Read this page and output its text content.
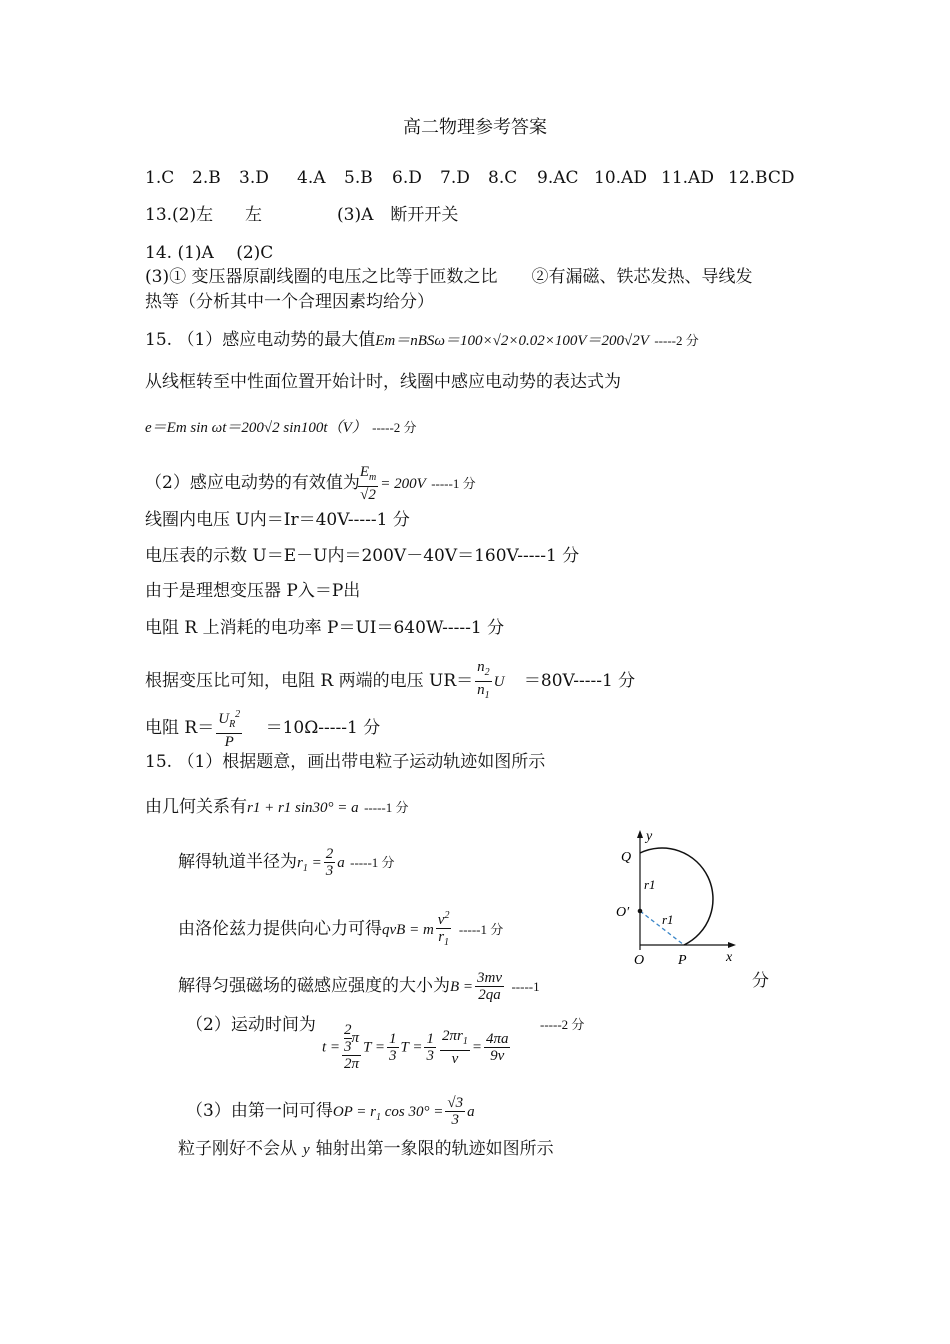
高二物理参考答案
1.C 2.B 3.D 4.A 5.B 6.D 7.D 8.C 9.AC 10.AD 11.AD 12.BCD
13.(2)左 左	(3)A　断开开关
14. (1)A　 (2)C
(3)① 变压器原副线圈的电压之比等于匝数之比　　②有漏磁、铁芯发热、导线发
热等（分析其中一个合理因素均给分）
15. （1）感应电动势的最大值Em＝nBSω＝100×√2×0.02×100V＝200√2V -----2 分
从线框转至中性面位置开始计时，线圈中感应电动势的表达式为
e＝Em sin ωt＝200√2 sin100t（V） -----2 分
（2）感应电动势的有效值为
$\frac{E_m}{√2} = 200V$ -----1 分
线圈内电压 U内＝Ir＝40V-----1 分
电压表的示数 U＝E－U内＝200V－40V＝160V-----1 分
由于是理想变压器 P入＝P出
电阻 R 上消耗的电功率 P＝UI＝640W-----1 分
根据变压比可知，电阻 R 两端的电压 $UR= \frac{n_2}{n_1}$ U ＝80V-----1 分
电阻 $R= \frac{U_R^2}{P} =10\Omega-----1$ 分
15. （1）根据题意，画出带电粒子运动轨迹如图所示
由几何关系有r1 + r1 sin30° = a -----1 分
解得轨道半径为$r_1 = \frac{2}{3}$ a -----1 分
由洛伦兹力提供向心力可得qvB = m $\frac{v^2}{r_1} -----1$ 分
解得匀强磁场的磁感应强度的大小为$B = \frac{3mv}{2qa} -----1$	分
（2）运动时间为	-----2 分
$t = \frac{\frac{2}{3} \pi}{2\pi}$ $T = \frac{1}{3}$ $T = \frac{1}{3} \frac{2\pi r_1}{v} = \frac{4\pi a}{9v}$
（3）由第一问可得OP = $r_1$ $\cos 30^\circ = \frac{√3}{3}$ a
粒子刚好不会从 y 轴射出第一象限的轨迹如图所示
y
Q
r1
O′	r1
O P	x
